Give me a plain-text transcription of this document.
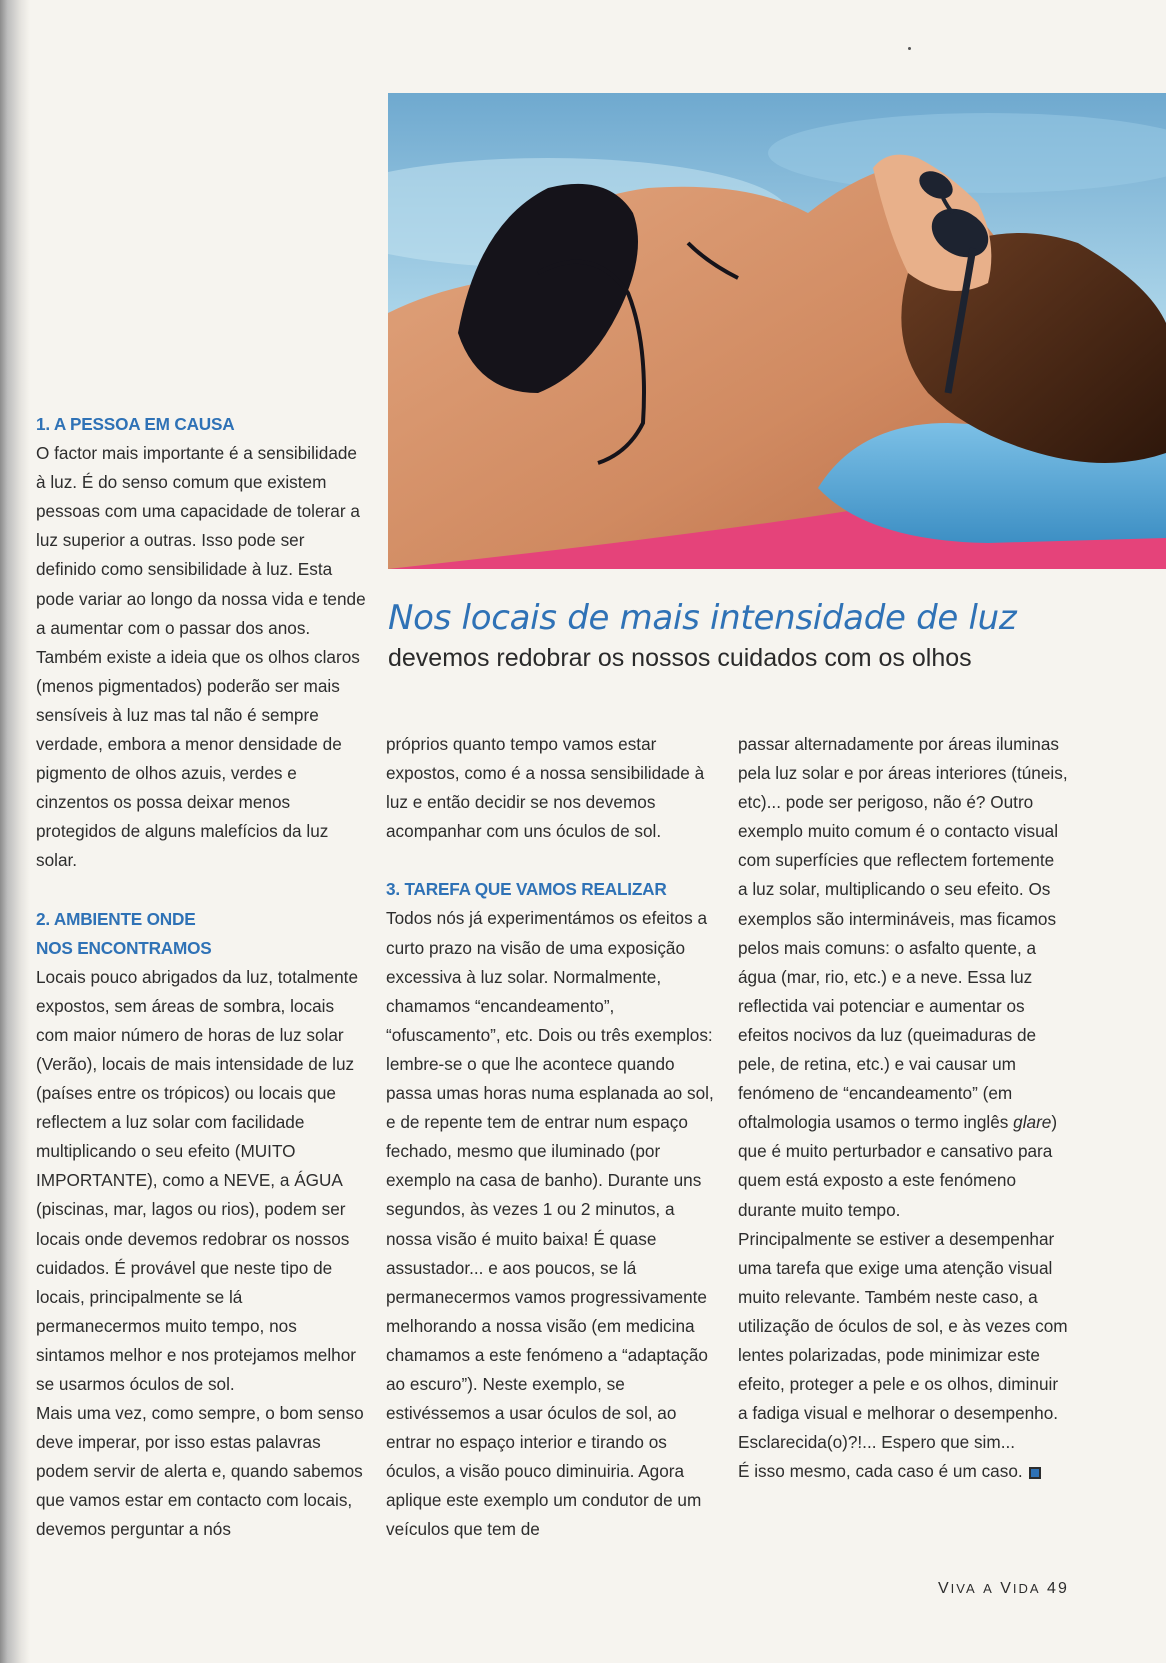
Nos locais de mais intensidade de luz
devemos redobrar os nossos cuidados com os olhos

1. A PESSOA EM CAUSA

O factor mais importante é a sensibilidade à luz. É do senso comum que existem pessoas com uma capacidade de tolerar a luz superior a outras. Isso pode ser definido como sensibilidade à luz. Esta pode variar ao longo da nossa vida e tende a aumentar com o passar dos anos. Também existe a ideia que os olhos claros (menos pigmentados) poderão ser mais sensíveis à luz mas tal não é sempre verdade, embora a menor densidade de pigmento de olhos azuis, verdes e cinzentos os possa deixar menos protegidos de alguns malefícios da luz solar.

2. AMBIENTE ONDE

NOS ENCONTRAMOS

Locais pouco abrigados da luz, totalmente expostos, sem áreas de sombra, locais com maior número de horas de luz solar (Verão), locais de mais intensidade de luz (países entre os trópicos) ou locais que reflectem a luz solar com facilidade multiplicando o seu efeito (MUITO IMPORTANTE), como a NEVE, a ÁGUA (piscinas, mar, lagos ou rios), podem ser locais onde devemos redobrar os nossos cuidados. É provável que neste tipo de locais, principalmente se lá permanecermos muito tempo, nos sintamos melhor e nos protejamos melhor se usarmos óculos de sol.

Mais uma vez, como sempre, o bom senso deve imperar, por isso estas palavras podem servir de alerta e, quando sabemos que vamos estar em contacto com locais, devemos perguntar a nós

próprios quanto tempo vamos estar expostos, como é a nossa sensibilidade à luz e então decidir se nos devemos acompanhar com uns óculos de sol.

3. TAREFA QUE VAMOS REALIZAR

Todos nós já experimentámos os efeitos a curto prazo na visão de uma exposição excessiva à luz solar. Normalmente, chamamos “encandeamento”, “ofuscamento”, etc. Dois ou três exemplos: lembre-se o que lhe acontece quando passa umas horas numa esplanada ao sol, e de repente tem de entrar num espaço fechado, mesmo que iluminado (por exemplo na casa de banho). Durante uns segundos, às vezes 1 ou 2 minutos, a nossa visão é muito baixa! É quase assustador... e aos poucos, se lá permanecermos vamos progressivamente melhorando a nossa visão (em medicina chamamos a este fenómeno a “adaptação ao escuro”). Neste exemplo, se estivéssemos a usar óculos de sol, ao entrar no espaço interior e tirando os óculos, a visão pouco diminuiria. Agora aplique este exemplo um condutor de um veículos que tem de

passar alternadamente por áreas iluminas pela luz solar e por áreas interiores (túneis, etc)... pode ser perigoso, não é? Outro exemplo muito comum é o contacto visual com superfícies que reflectem fortemente a luz solar, multiplicando o seu efeito. Os exemplos são intermináveis, mas ficamos pelos mais comuns: o asfalto quente, a água (mar, rio, etc.) e a neve. Essa luz reflectida vai potenciar e aumentar os efeitos nocivos da luz (queimaduras de pele, de retina, etc.) e vai causar um fenómeno de “encandeamento” (em oftalmologia usamos o termo inglês glare) que é muito perturbador e cansativo para quem está exposto a este fenómeno durante muito tempo.

Principalmente se estiver a desempenhar uma tarefa que exige uma atenção visual muito relevante. Também neste caso, a utilização de óculos de sol, e às vezes com lentes polarizadas, pode minimizar este efeito, proteger a pele e os olhos, diminuir a fadiga visual e melhorar o desempenho.

Esclarecida(o)?!... Espero que sim...

É isso mesmo, cada caso é um caso.

VIVA A VIDA 49
